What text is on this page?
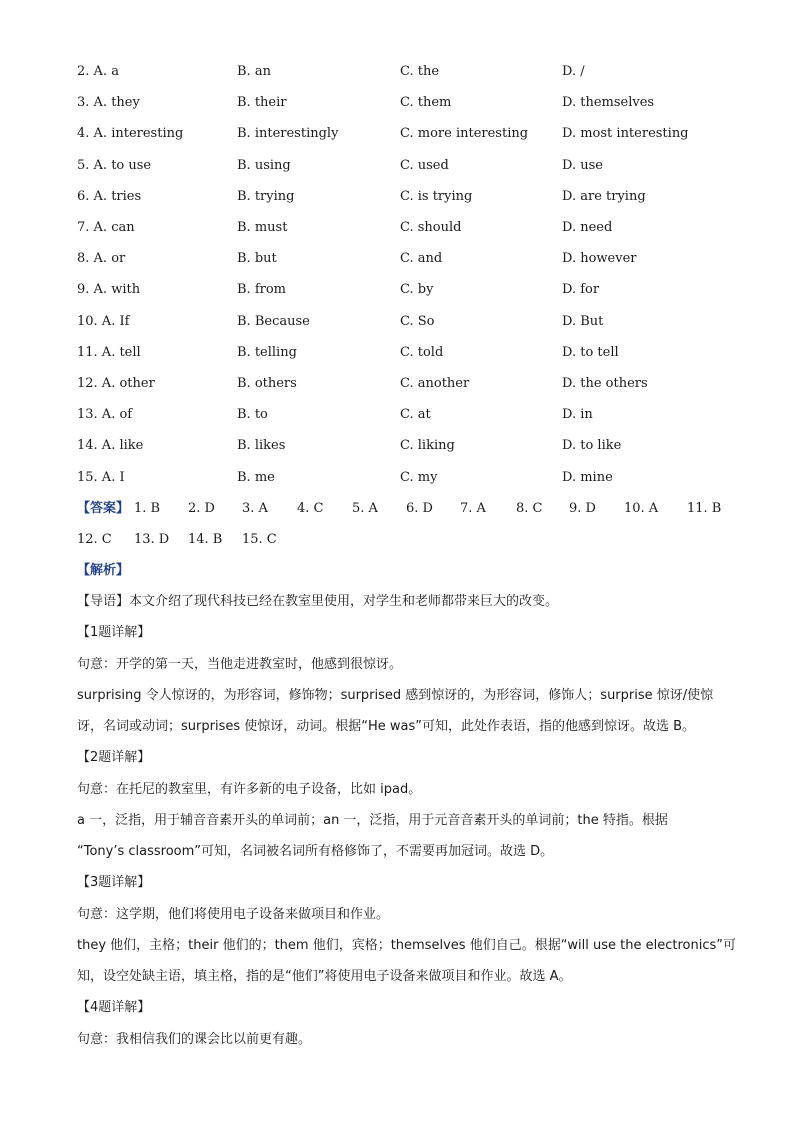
2. A. a	B. an	C. the	D. /
3. A. they	B. their	C. them	D. themselves
4. A. interesting	B. interestingly	C. more interesting	D. most interesting
5. A. to use	B. using	C. used	D. use
6. A. tries	B. trying	C. is trying	D. are trying
7. A. can	B. must	C. should	D. need
8. A. or	B. but	C. and	D. however
9. A. with	B. from	C. by	D. for
10. A. If	B. Because	C. So	D. But
11. A. tell	B. telling	C. told	D. to tell
12. A. other	B. others	C. another	D. the others
13. A. of	B. to	C. at	D. in
14. A. like	B. likes	C. liking	D. to like
15. A. I	B. me	C. my	D. mine
【答案】 1. B 2. D 3. A 4. C 5. A 6. D 7. A 8. C 9. D 10. A 11. B
12. C 13. D 14. B 15. C
【解析】
【导语】本文介绍了现代科技已经在教室里使用，对学生和老师都带来巨大的改变。
【1题详解】
句意：开学的第一天，当他走进教室时，他感到很惊讶。
surprising 令人惊讶的，为形容词，修饰物；surprised 感到惊讶的，为形容词，修饰人；surprise 惊讶/使惊
讶，名词或动词；surprises 使惊讶，动词。根据“He was”可知，此处作表语，指的他感到惊讶。故选 B。
【2题详解】
句意：在托尼的教室里，有许多新的电子设备，比如 ipad。
a 一，泛指，用于辅音音素开头的单词前；an 一，泛指，用于元音音素开头的单词前；the 特指。根据
“Tony’s classroom”可知，名词被名词所有格修饰了，不需要再加冠词。故选 D。
【3题详解】
句意：这学期，他们将使用电子设备来做项目和作业。
they 他们，主格；their 他们的；them 他们，宾格；themselves 他们自己。根据“will use the electronics”可
知，设空处缺主语，填主格，指的是“他们”将使用电子设备来做项目和作业。故选 A。
【4题详解】
句意：我相信我们的课会比以前更有趣。
